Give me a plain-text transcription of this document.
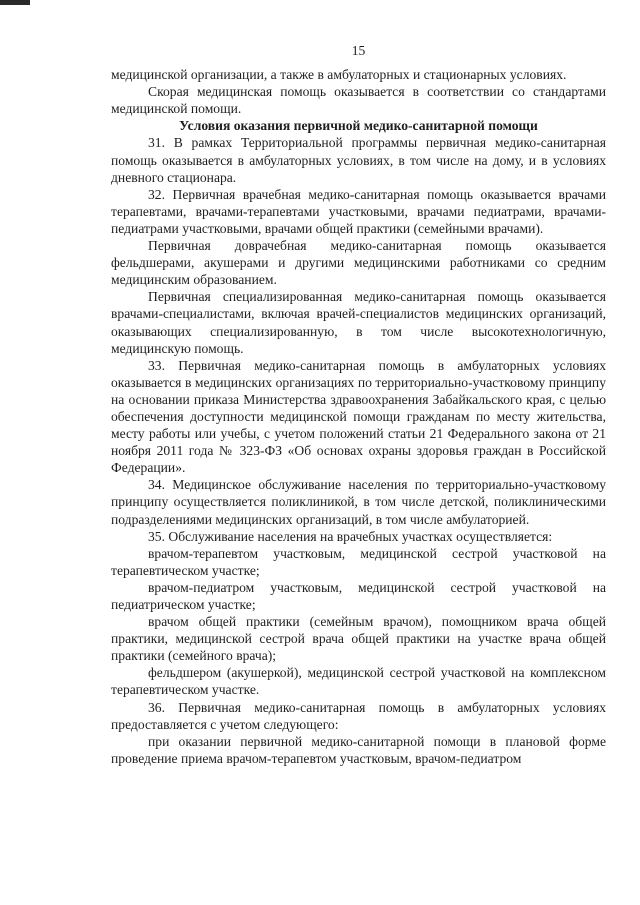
15

медицинской организации, а также в амбулаторных и стационарных условиях.

Скорая медицинская помощь оказывается в соответствии со стандартами медицинской помощи.

Условия оказания первичной медико-санитарной помощи

31. В рамках Территориальной программы первичная медико-санитарная помощь оказывается в амбулаторных условиях, в том числе на дому, и в условиях дневного стационара.

32. Первичная врачебная медико-санитарная помощь оказывается врачами терапевтами, врачами-терапевтами участковыми, врачами педиатрами, врачами-педиатрами участковыми, врачами общей практики (семейными врачами).

Первичная доврачебная медико-санитарная помощь оказывается фельдшерами, акушерами и другими медицинскими работниками со средним медицинским образованием.

Первичная специализированная медико-санитарная помощь оказывается врачами-специалистами, включая врачей-специалистов медицинских организаций, оказывающих специализированную, в том числе высокотехнологичную, медицинскую помощь.

33. Первичная медико-санитарная помощь в амбулаторных условиях оказывается в медицинских организациях по территориально-участковому принципу на основании приказа Министерства здравоохранения Забайкальского края, с целью обеспечения доступности медицинской помощи гражданам по месту жительства, месту работы или учебы, с учетом положений статьи 21 Федерального закона от 21 ноября 2011 года № 323-ФЗ «Об основах охраны здоровья граждан в Российской Федерации».

34. Медицинское обслуживание населения по территориально-участковому принципу осуществляется поликлиникой, в том числе детской, поликлиническими подразделениями медицинских организаций, в том числе амбулаторией.

35. Обслуживание населения на врачебных участках осуществляется:

врачом-терапевтом участковым, медицинской сестрой участковой на терапевтическом участке;

врачом-педиатром участковым, медицинской сестрой участковой на педиатрическом участке;

врачом общей практики (семейным врачом), помощником врача общей практики, медицинской сестрой врача общей практики на участке врача общей практики (семейного врача);

фельдшером (акушеркой), медицинской сестрой участковой на комплексном терапевтическом участке.

36. Первичная медико-санитарная помощь в амбулаторных условиях предоставляется с учетом следующего:

при оказании первичной медико-санитарной помощи в плановой форме проведение приема врачом-терапевтом участковым, врачом-педиатром
